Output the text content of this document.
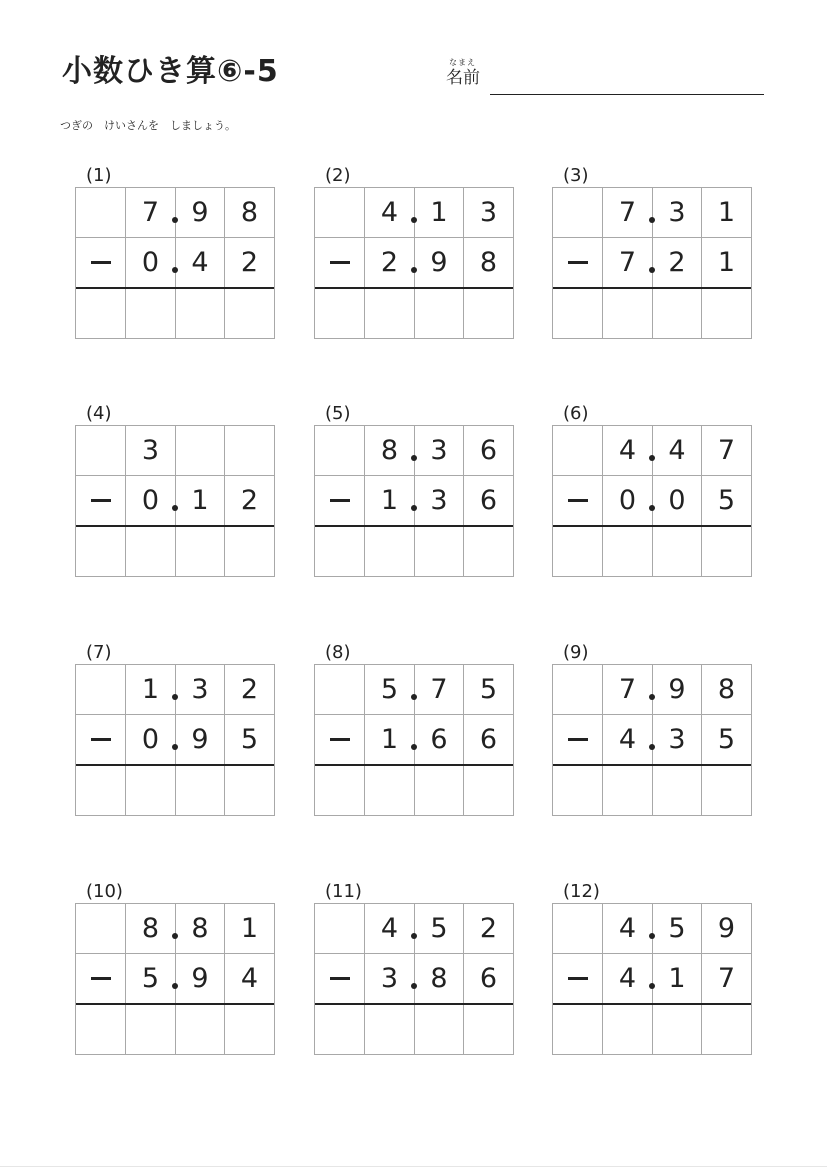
小数ひき算⑥-5	なまえ
名前
つぎの　けいさんを　しましょう。
(1)
7	9	8
0	4	2
(2)
4	1	3
2	9	8
(3)
7	3	1
7	2	1
(4)
3
0	1	2
(5)
8	3	6
1	3	6
(6)
4	4	7
0	0	5
(7)
1	3	2
0	9	5
(8)
5	7	5
1	6	6
(9)
7	9	8
4	3	5
(10)
8	8	1
5	9	4
(11)
4	5	2
3	8	6
(12)
4	5	9
4	1	7
